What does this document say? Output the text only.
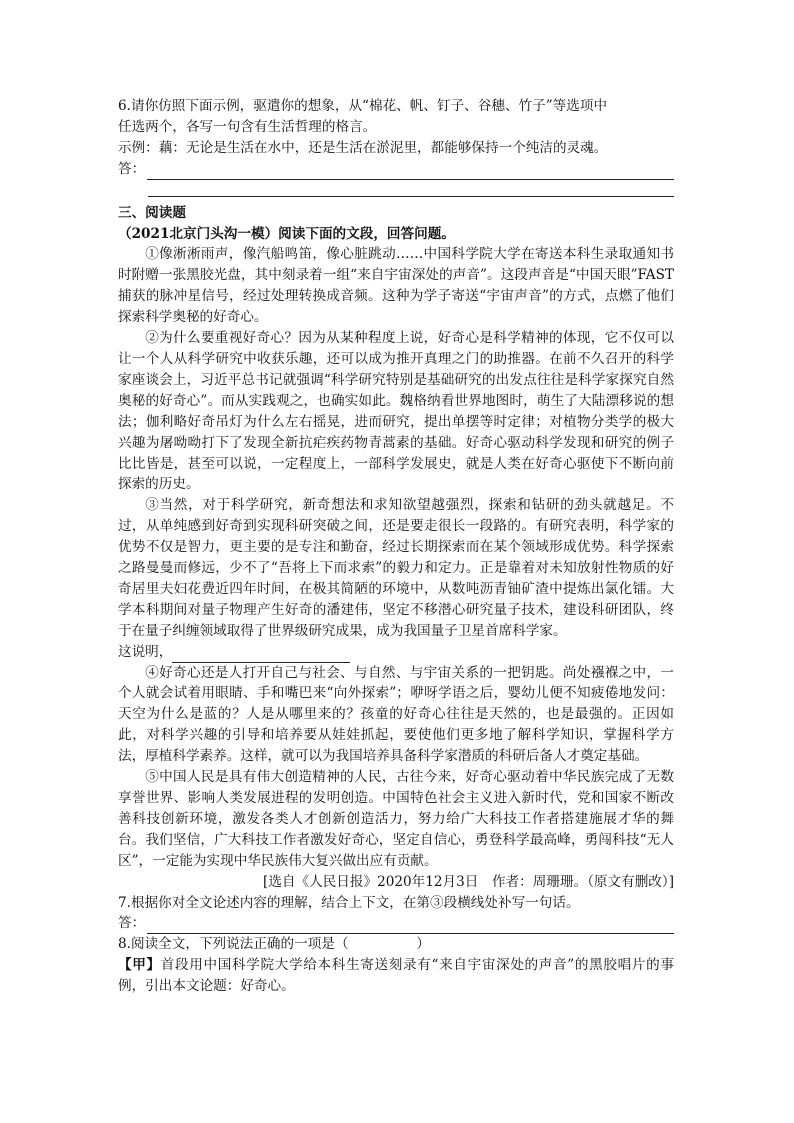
6.请你仿照下面示例，驱遣你的想象，从“棉花、帆、钉子、谷穗、竹子”等选项中
任选两个，各写一句含有生活哲理的格言。
示例：藕：无论是生活在水中，还是生活在淤泥里，都能够保持一个纯洁的灵魂。
答：
三、阅读题
（2021北京门头沟一模）阅读下面的文段，回答问题。
①像淅淅雨声，像汽船鸣笛，像心脏跳动……中国科学院大学在寄送本科生录取通知书时附赠一张黑胶光盘，其中刻录着一组“来自宇宙深处的声音”。这段声音是“中国天眼”FAST捕获的脉冲星信号，经过处理转换成音频。这种为学子寄送“宇宙声音”的方式，点燃了他们探索科学奥秘的好奇心。
②为什么要重视好奇心？因为从某种程度上说，好奇心是科学精神的体现，它不仅可以让一个人从科学研究中收获乐趣，还可以成为推开真理之门的助推器。在前不久召开的科学家座谈会上，习近平总书记就强调“科学研究特别是基础研究的出发点往往是科学家探究自然奥秘的好奇心”。而从实践观之，也确实如此。魏格纳看世界地图时，萌生了大陆漂移说的想法；伽利略好奇吊灯为什么左右摇晃，进而研究，提出单摆等时定律；对植物分类学的极大兴趣为屠呦呦打下了发现全新抗疟疾药物青蒿素的基础。好奇心驱动科学发现和研究的例子比比皆是，甚至可以说，一定程度上，一部科学发展史，就是人类在好奇心驱使下不断向前探索的历史。
③当然，对于科学研究，新奇想法和求知欲望越强烈，探索和钻研的劲头就越足。不过，从单纯感到好奇到实现科研突破之间，还是要走很长一段路的。有研究表明，科学家的优势不仅是智力，更主要的是专注和勤奋，经过长期探索而在某个领域形成优势。科学探索之路曼曼而修远，少不了“吾将上下而求索”的毅力和定力。正是靠着对未知放射性物质的好奇居里夫妇花费近四年时间，在极其简陋的环境中，从数吨沥青铀矿渣中提炼出氯化镭。大学本科期间对量子物理产生好奇的潘建伟，坚定不移潜心研究量子技术，建设科研团队，终于在量子纠缠领域取得了世界级研究成果，成为我国量子卫星首席科学家。
这说明，
④好奇心还是人打开自己与社会、与自然、与宇宙关系的一把钥匙。尚处襁褓之中，一个人就会试着用眼睛、手和嘴巴来“向外探索”；咿呀学语之后，婴幼儿便不知疲倦地发问：天空为什么是蓝的？人是从哪里来的？孩童的好奇心往往是天然的，也是最强的。正因如此，对科学兴趣的引导和培养要从娃娃抓起，要使他们更多地了解科学知识，掌握科学方法，厚植科学素养。这样，就可以为我国培养具备科学家潜质的科研后备人才奠定基础。
⑤中国人民是具有伟大创造精神的人民，古往今来，好奇心驱动着中华民族完成了无数享誉世界、影响人类发展进程的发明创造。中国特色社会主义进入新时代，党和国家不断改善科技创新环境，激发各类人才创新创造活力，努力给广大科技工作者搭建施展才华的舞台。我们坚信，广大科技工作者激发好奇心，坚定自信心，勇登科学最高峰，勇闯科技“无人区”，一定能为实现中华民族伟大复兴做出应有贡献。
[选自《人民日报》2020年12月3日　作者：周珊珊。（原文有删改）]
7.根据你对全文论述内容的理解，结合上下文，在第③段横线处补写一句话。
答：
8.阅读全文，下列说法正确的一项是（　　　　　）
【甲】首段用中国科学院大学给本科生寄送刻录有“来自宇宙深处的声音”的黑胶唱片的事例，引出本文论题：好奇心。
